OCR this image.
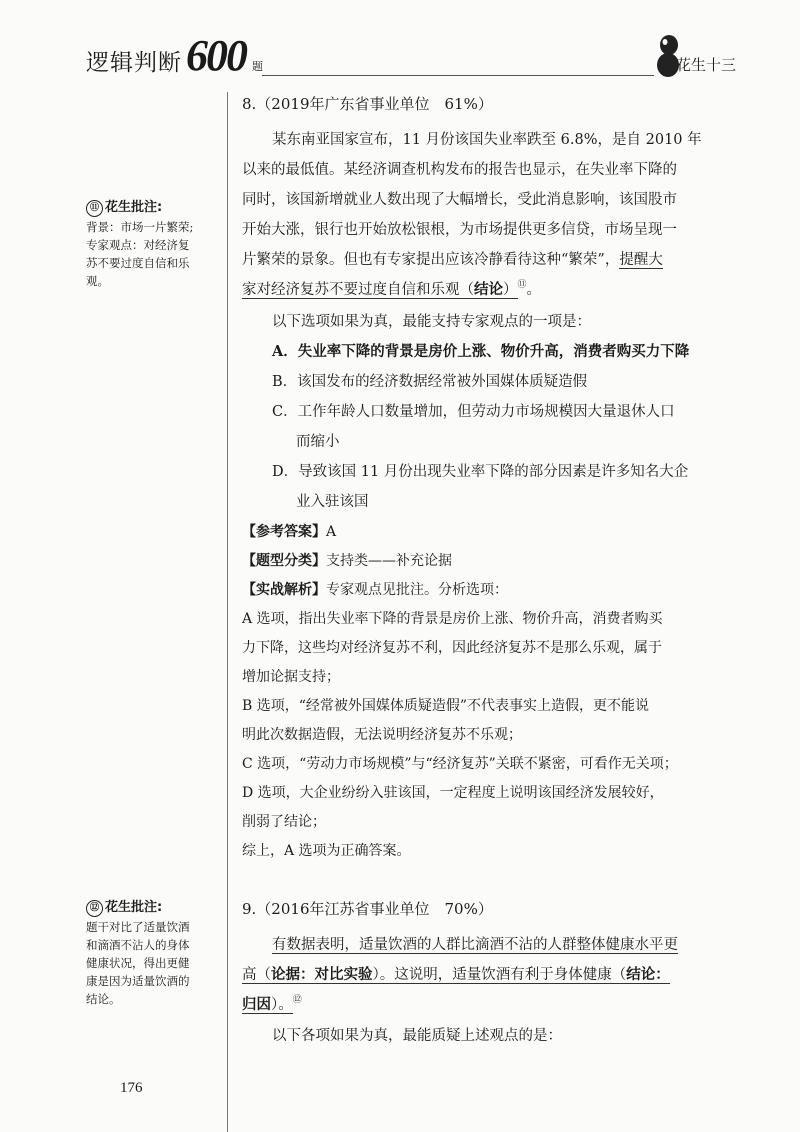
逻辑判断 600 题	花生十三
⑪ 花生批注:
背景：市场一片繁荣;
专家观点：对经济复
苏不要过度自信和乐
观。
⑫ 花生批注:
题干对比了适量饮酒
和滴酒不沾人的身体
健康状况，得出更健
康是因为适量饮酒的
结论。
8.（2019年广东省事业单位　61%）
某东南亚国家宣布，11 月份该国失业率跌至 6.8%，是自 2010 年
以来的最低值。某经济调查机构发布的报告也显示，在失业率下降的
同时，该国新增就业人数出现了大幅增长，受此消息影响，该国股市
开始大涨，银行也开始放松银根，为市场提供更多信贷，市场呈现一
片繁荣的景象。但也有专家提出应该冷静看待这种“繁荣”，提醒大
家对经济复苏不要过度自信和乐观（结论）⑪。
以下选项如果为真，最能支持专家观点的一项是：
A．失业率下降的背景是房价上涨、物价升高，消费者购买力下降
B．该国发布的经济数据经常被外国媒体质疑造假
C．工作年龄人口数量增加，但劳动力市场规模因大量退休人口
而缩小
D．导致该国 11 月份出现失业率下降的部分因素是许多知名大企
业入驻该国
【参考答案】A
【题型分类】支持类——补充论据
【实战解析】专家观点见批注。分析选项：
A 选项，指出失业率下降的背景是房价上涨、物价升高，消费者购买
力下降，这些均对经济复苏不利，因此经济复苏不是那么乐观，属于
增加论据支持；
B 选项，“经常被外国媒体质疑造假”不代表事实上造假，更不能说
明此次数据造假，无法说明经济复苏不乐观；
C 选项，“劳动力市场规模”与“经济复苏”关联不紧密，可看作无关项；
D 选项，大企业纷纷入驻该国，一定程度上说明该国经济发展较好，
削弱了结论；
综上，A 选项为正确答案。
9.（2016年江苏省事业单位　70%）
有数据表明，适量饮酒的人群比滴酒不沾的人群整体健康水平更
高（论据：对比实验）。这说明，适量饮酒有利于身体健康（结论：
归因）。⑫
以下各项如果为真，最能质疑上述观点的是：
176
